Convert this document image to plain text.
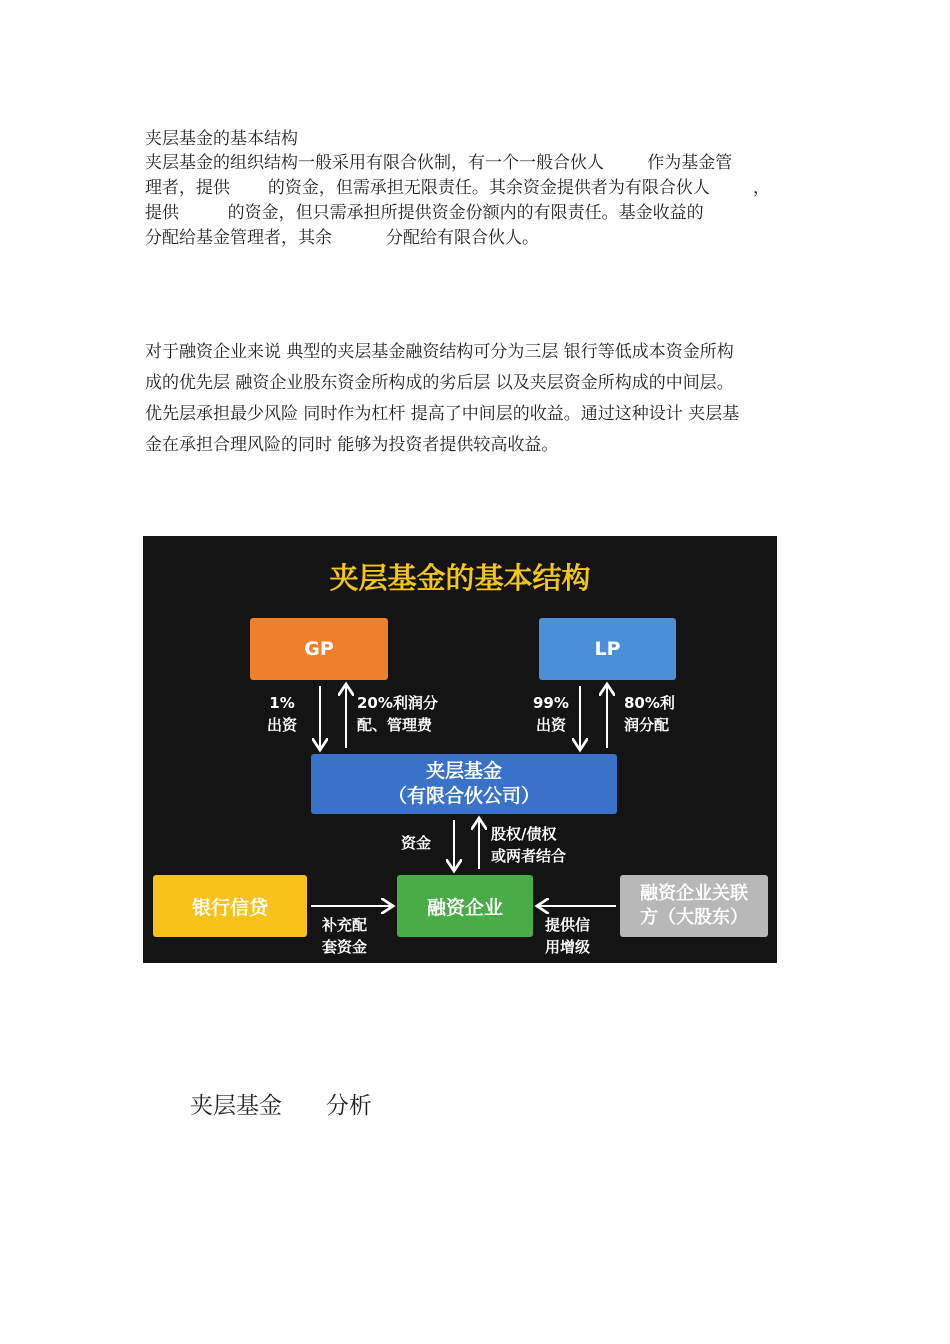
夹层基金的基本结构
夹层基金的组织结构一般采用有限合伙制，有一个一般合伙人        作为基金管
理者，提供       的资金，但需承担无限责任。其余资金提供者为有限合伙人        ，
提供         的资金，但只需承担所提供资金份额内的有限责任。基金收益的
分配给基金管理者，其余          分配给有限合伙人。
对于融资企业来说 典型的夹层基金融资结构可分为三层 银行等低成本资金所构
成的优先层 融资企业股东资金所构成的劣后层 以及夹层资金所构成的中间层。
优先层承担最少风险 同时作为杠杆 提高了中间层的收益。通过这种设计 夹层基
金在承担合理风险的同时 能够为投资者提供较高收益。
夹层基金的基本结构
GP	LP
夹层基金
（有限合伙公司）
银行信贷	融资企业
融资企业关联
方（大股东）
1%
出资
20%利润分
配、管理费
99%
出资
80%利
润分配
资金	股权/债权
或两者结合
补充配
套资金
提供信
用增级
夹层基金      分析
